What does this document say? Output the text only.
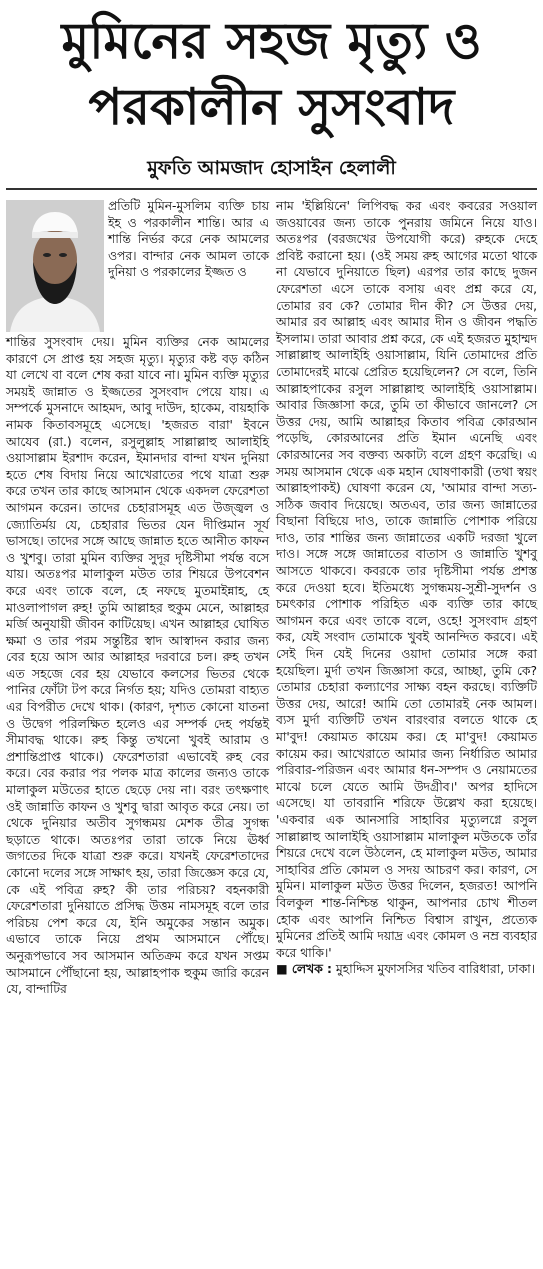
মুমিনের সহজ মৃত্যু ও
পরকালীন সুসংবাদ
মুফতি আমজাদ হোসাইন হেলালী

প্রতিটি মুমিন-মুসলিম ব্যক্তি চায় ইহ ও পরকালীন শান্তি। আর এ শান্তি নির্ভর করে নেক আমলের ওপর। বান্দার নেক আমল তাকে দুনিয়া ও পরকালের ইজ্জত ও

শান্তির সুসংবাদ দেয়। মুমিন ব্যক্তির নেক আমলের কারণে সে প্রাপ্ত হয় সহজ মৃত্যু। মৃত্যুর কষ্ট বড় কঠিন যা লেখে বা বলে শেষ করা যাবে না। মুমিন ব্যক্তি মৃত্যুর সময়ই জান্নাত ও ইজ্জতের সুসংবাদ পেয়ে যায়। এ সম্পর্কে মুসনাদে আহমদ, আবু দাউদ, হাকেম, বায়হাকি নামক কিতাবসমূহে এসেছে। 'হজরত বারা' ইবনে আযেব (রা.) বলেন, রসুলুল্লাহ সাল্লাল্লাহু আলাইহি ওয়াসাল্লাম ইরশাদ করেন, ইমানদার বান্দা যখন দুনিয়া হতে শেষ বিদায় নিয়ে আখেরাতের পথে যাত্রা শুরু করে তখন তার কাছে আসমান থেকে একদল ফেরেশতা আগমন করেন। তাদের চেহারাসমূহ এত উজ্জ্বল ও জ্যোতির্ময় যে, চেহারার ভিতর যেন দীপ্তিমান সূর্য ভাসছে। তাদের সঙ্গে আছে জান্নাত হতে আনীত কাফন ও খুশবু। তারা মুমিন ব্যক্তির সুদূর দৃষ্টিসীমা পর্যন্ত বসে যায়। অতঃপর মালাকুল মউত তার শিয়রে উপবেশন করে এবং তাকে বলে, হে নফছে মুতমাইন্নাহ, হে মাওলাপাগল রুহ! তুমি আল্লাহর হুকুম মেনে, আল্লাহর মর্জি অনুযায়ী জীবন কাটিয়েছ। এখন আল্লাহর ঘোষিত ক্ষমা ও তার পরম সন্তুষ্টির স্বাদ আস্বাদন করার জন্য বের হয়ে আস আর আল্লাহর দরবারে চল। রুহ তখন এত সহজে বের হয় যেভাবে কলসের ভিতর থেকে পানির ফোঁটা টপ করে নির্গত হয়; যদিও তোমরা বাহ্যত এর বিপরীত দেখে থাক। (কারণ, দৃশ্যত কোনো যাতনা ও উদ্বেগ পরিলক্ষিত হলেও এর সম্পর্ক দেহ পর্যন্তই সীমাবদ্ধ থাকে। রুহ কিন্তু তখনো খুবই আরাম ও প্রশান্তিপ্রাপ্ত থাকে।) ফেরেশতারা এভাবেই রুহ বের করে। বের করার পর পলক মাত্র কালের জন্যও তাকে মালাকুল মউতের হাতে ছেড়ে দেয় না। বরং তৎক্ষণাৎ ওই জান্নাতি কাফন ও খুশবু দ্বারা আবৃত করে নেয়। তা থেকে দুনিয়ার অতীব সুগন্ধময় মেশক তীব্র সুগন্ধ ছড়াতে থাকে। অতঃপর তারা তাকে নিয়ে ঊর্ধ্ব জগতের দিকে যাত্রা শুরু করে। যখনই ফেরেশতাদের কোনো দলের সঙ্গে সাক্ষাৎ হয়, তারা জিজ্ঞেস করে যে, কে এই পবিত্র রুহ? কী তার পরিচয়? বহনকারী ফেরেশতারা দুনিয়াতে প্রসিদ্ধ উত্তম নামসমূহ বলে তার পরিচয় পেশ করে যে, ইনি অমুকের সন্তান অমুক। এভাবে তাকে নিয়ে প্রথম আসমানে পৌঁছে। অনুরূপভাবে সব আসমান অতিক্রম করে যখন সপ্তম আসমানে পৌঁছানো হয়, আল্লাহপাক হুকুম জারি করেন যে, বান্দাটির

নাম 'ইল্লিয়িনে' লিপিবদ্ধ কর এবং কবরের সওয়াল জওয়াবের জন্য তাকে পুনরায় জমিনে নিয়ে যাও। অতঃপর (বরজখের উপযোগী করে) রুহকে দেহে প্রবিষ্ট করানো হয়। (ওই সময় রুহ আগের মতো থাকে না যেভাবে দুনিয়াতে ছিল) এরপর তার কাছে দুজন ফেরেশতা এসে তাকে বসায় এবং প্রশ্ন করে যে, তোমার রব কে? তোমার দীন কী? সে উত্তর দেয়, আমার রব আল্লাহ এবং আমার দীন ও জীবন পদ্ধতি ইসলাম। তারা আবার প্রশ্ন করে, কে এই হজরত মুহাম্মদ সাল্লাল্লাহু আলাইহি ওয়াসাল্লাম, যিনি তোমাদের প্রতি তোমাদেরই মাঝে প্রেরিত হয়েছিলেন? সে বলে, তিনি আল্লাহপাকের রসুল সাল্লাল্লাহু আলাইহি ওয়াসাল্লাম। আবার জিজ্ঞাসা করে, তুমি তা কীভাবে জানলে? সে উত্তর দেয়, আমি আল্লাহর কিতাব পবিত্র কোরআন পড়েছি, কোরআনের প্রতি ইমান এনেছি এবং কোরআনের সব বক্তব্য অকাট্য বলে গ্রহণ করেছি। এ সময় আসমান থেকে এক মহান ঘোষণাকারী (তথা স্বয়ং আল্লাহপাকই) ঘোষণা করেন যে, 'আমার বান্দা সত্য-সঠিক জবাব দিয়েছে। অতএব, তার জন্য জান্নাতের বিছানা বিছিয়ে দাও, তাকে জান্নাতি পোশাক পরিয়ে দাও, তার শান্তির জন্য জান্নাতের একটি দরজা খুলে দাও। সঙ্গে সঙ্গে জান্নাতের বাতাস ও জান্নাতি খুশবু আসতে থাকবে। কবরকে তার দৃষ্টিসীমা পর্যন্ত প্রশস্ত করে দেওয়া হবে। ইতিমধ্যে সুগন্ধময়-সুশ্রী-সুদর্শন ও চমৎকার পোশাক পরিহিত এক ব্যক্তি তার কাছে আগমন করে এবং তাকে বলে, ওহে! সুসংবাদ গ্রহণ কর, যেই সংবাদ তোমাকে খুবই আনন্দিত করবে। এই সেই দিন যেই দিনের ওয়াদা তোমার সঙ্গে করা হয়েছিল। মুর্দা তখন জিজ্ঞাসা করে, আচ্ছা, তুমি কে? তোমার চেহারা কল্যাণের সাক্ষ্য বহন করছে। ব্যক্তিটি উত্তর দেয়, আরে! আমি তো তোমারই নেক আমল। ব্যস মুর্দা ব্যক্তিটি তখন বারংবার বলতে থাকে হে মা'বুদ! কেয়ামত কায়েম কর। হে মা'বুদ! কেয়ামত কায়েম কর। আখেরাতে আমার জন্য নির্ধারিত আমার পরিবার-পরিজন এবং আমার ধন-সম্পদ ও নেয়ামতের মাঝে চলে যেতে আমি উদগ্রীব।' অপর হাদিসে এসেছে। যা তাবরানি শরিফে উল্লেখ করা হয়েছে। 'একবার এক আনসারি সাহাবির মৃত্যুলগ্নে রসুল সাল্লাল্লাহু আলাইহি ওয়াসাল্লাম মালাকুল মউতকে তাঁর শিয়রে দেখে বলে উঠলেন, হে মালাকুল মউত, আমার সাহাবির প্রতি কোমল ও সদয় আচরণ কর। কারণ, সে মুমিন। মালাকুল মউত উত্তর দিলেন, হজরত! আপনি বিলকুল শান্ত-নিশ্চিন্ত থাকুন, আপনার চোখ শীতল হোক এবং আপনি নিশ্চিত বিশ্বাস রাখুন, প্রত্যেক মুমিনের প্রতিই আমি দয়াদ্র এবং কোমল ও নম্র ব্যবহার করে থাকি।'

■ লেখক : মুহাদ্দিস মুফাসসির খতিব বারিধারা, ঢাকা।
